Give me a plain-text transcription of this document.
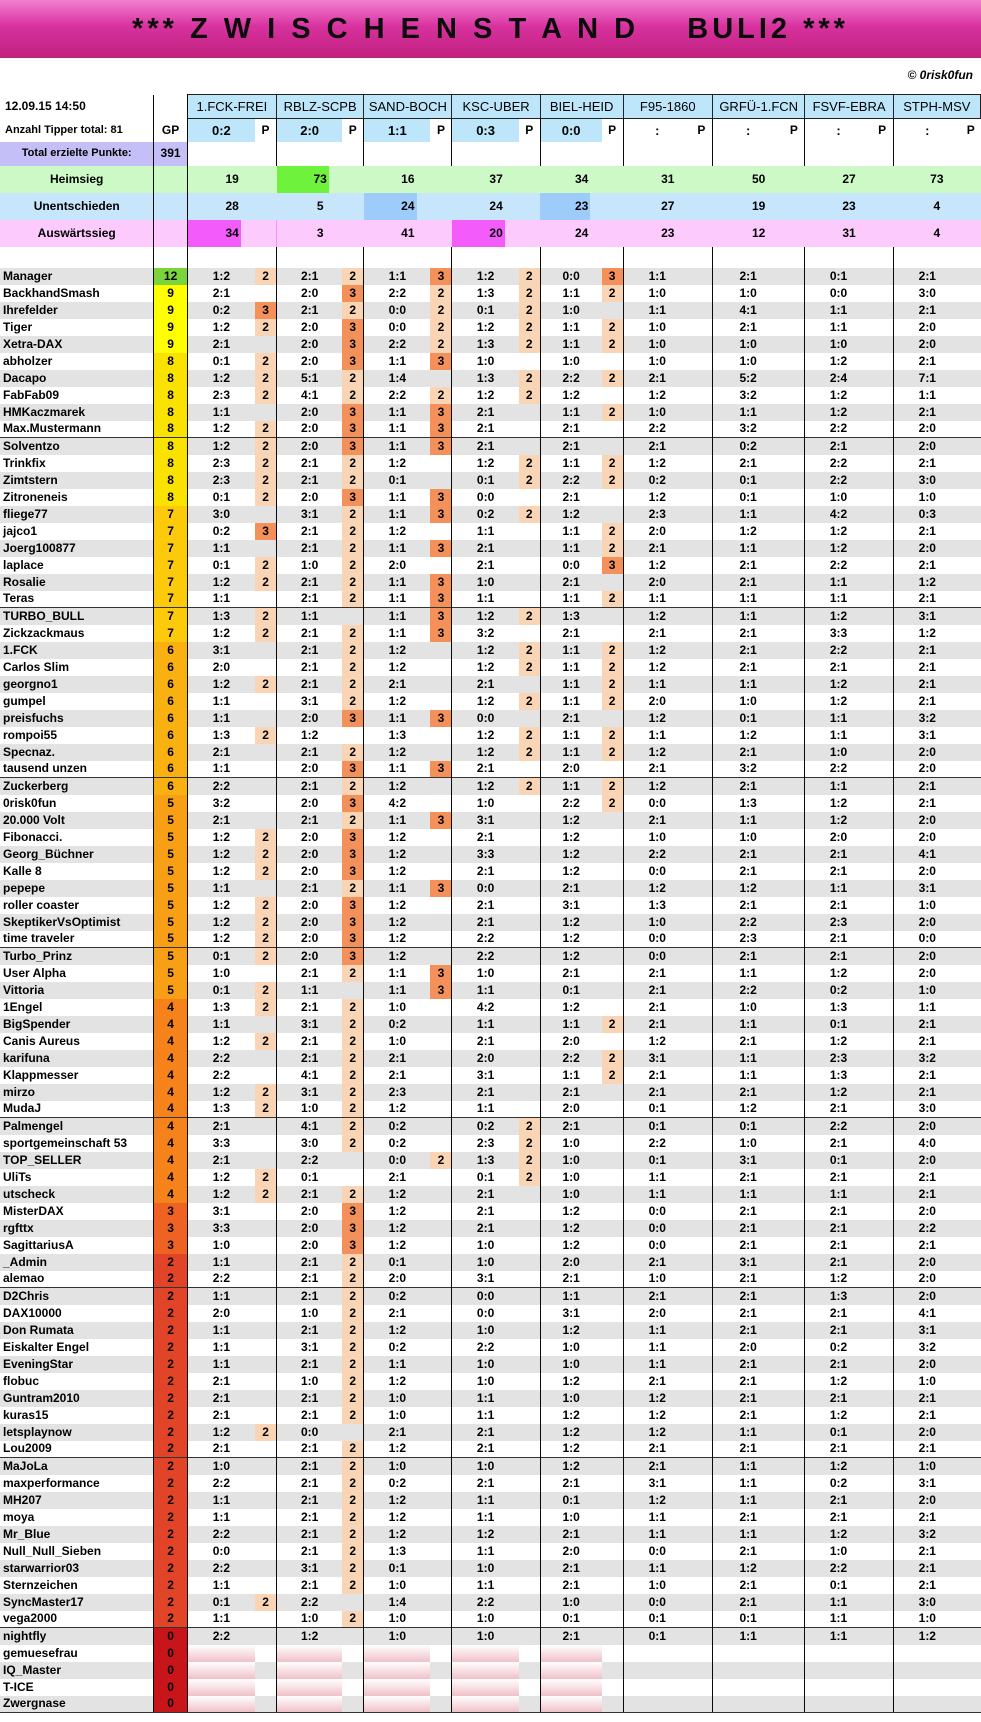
*** Z W I S C H E N S T A N D    BULI2 ***
© 0risk0fun
12.09.15 14:50		1.FCK-FREI		RBLZ-SCPB		SAND-BOCH		KSC-UBER		BIEL-HEID		F95-1860		GRFÜ-1.FCN		FSVF-EBRA		STPH-MSV	
Anzahl Tipper total: 81	GP	0:2	P	2:0	P	1:1	P	0:3	P	0:0	P	:	P	:	P	:	P	:	P
Total erzielte Punkte:	391																		
Heimsieg		19		73		16		37		34		31		50		27		73	
Unentschieden		28		5		24		24		23		27		19		23		4	
Auswärtssieg		34		3		41		20		24		23		12		31		4	

Manager	12	1:2	2	2:1	2	1:1	3	1:2	2	0:0	3	1:1		2:1		0:1		2:1	
BackhandSmash	9	2:1		2:0	3	2:2	2	1:3	2	1:1	2	1:0		1:0		0:0		3:0	
Ihrefelder	9	0:2	3	2:1	2	0:0	2	0:1	2	1:0		1:1		4:1		1:1		2:1	
Tiger	9	1:2	2	2:0	3	0:0	2	1:2	2	1:1	2	1:0		2:1		1:1		2:0	
Xetra-DAX	9	2:1		2:0	3	2:2	2	1:3	2	1:1	2	1:0		1:0		1:0		2:0	
abholzer	8	0:1	2	2:0	3	1:1	3	1:0		1:0		1:0		1:0		1:2		2:1	
Dacapo	8	1:2	2	5:1	2	1:4		1:3	2	2:2	2	2:1		5:2		2:4		7:1	
FabFab09	8	2:3	2	4:1	2	2:2	2	1:2	2	1:2		1:2		3:2		1:2		1:1	
HMKaczmarek	8	1:1		2:0	3	1:1	3	2:1		1:1	2	1:0		1:1		1:2		2:1	
Max.Mustermann	8	1:2	2	2:0	3	1:1	3	2:1		2:1		2:2		3:2		2:2		2:0	
Solventzo	8	1:2	2	2:0	3	1:1	3	2:1		2:1		2:1		0:2		2:1		2:0	
Trinkfix	8	2:3	2	2:1	2	1:2		1:2	2	1:1	2	1:2		2:1		2:2		2:1	
Zimtstern	8	2:3	2	2:1	2	0:1		0:1	2	2:2	2	0:2		0:1		2:2		3:0	
Zitroneneis	8	0:1	2	2:0	3	1:1	3	0:0		2:1		1:2		0:1		1:0		1:0	
fliege77	7	3:0		3:1	2	1:1	3	0:2	2	1:2		2:3		1:1		4:2		0:3	
jajco1	7	0:2	3	2:1	2	1:2		1:1		1:1	2	2:0		1:2		1:2		2:1	
Joerg100877	7	1:1		2:1	2	1:1	3	2:1		1:1	2	2:1		1:1		1:2		2:0	
laplace	7	0:1	2	1:0	2	2:0		2:1		0:0	3	1:2		2:1		2:2		2:1	
Rosalie	7	1:2	2	2:1	2	1:1	3	1:0		2:1		2:0		2:1		1:1		1:2	
Teras	7	1:1		2:1	2	1:1	3	1:1		1:1	2	1:1		1:1		1:1		2:1	
TURBO_BULL	7	1:3	2	1:1		1:1	3	1:2	2	1:3		1:2		1:1		1:2		3:1	
Zickzackmaus	7	1:2	2	2:1	2	1:1	3	3:2		2:1		2:1		2:1		3:3		1:2	
1.FCK	6	3:1		2:1	2	1:2		1:2	2	1:1	2	1:2		2:1		2:2		2:1	
Carlos Slim	6	2:0		2:1	2	1:2		1:2	2	1:1	2	1:2		2:1		2:1		2:1	
georgno1	6	1:2	2	2:1	2	2:1		2:1		1:1	2	1:1		1:1		1:2		2:1	
gumpel	6	1:1		3:1	2	1:2		1:2	2	1:1	2	2:0		1:0		1:2		2:1	
preisfuchs	6	1:1		2:0	3	1:1	3	0:0		2:1		1:2		0:1		1:1		3:2	
rompoi55	6	1:3	2	1:2		1:3		1:2	2	1:1	2	1:1		1:2		1:1		3:1	
Specnaz.	6	2:1		2:1	2	1:2		1:2	2	1:1	2	1:2		2:1		1:0		2:0	
tausend unzen	6	1:1		2:0	3	1:1	3	2:1		2:0		2:1		3:2		2:2		2:0	
Zuckerberg	6	2:2		2:1	2	1:2		1:2	2	1:1	2	1:2		2:1		1:1		2:1	
0risk0fun	5	3:2		2:0	3	4:2		1:0		2:2	2	0:0		1:3		1:2		2:1	
20.000 Volt	5	2:1		2:1	2	1:1	3	3:1		1:2		2:1		1:1		1:2		2:0	
Fibonacci.	5	1:2	2	2:0	3	1:2		2:1		1:2		1:0		1:0		2:0		2:0	
Georg_Büchner	5	1:2	2	2:0	3	1:2		3:3		1:2		2:2		2:1		2:1		4:1	
Kalle 8	5	1:2	2	2:0	3	1:2		2:1		1:2		0:0		2:1		2:1		2:0	
pepepe	5	1:1		2:1	2	1:1	3	0:0		2:1		1:2		1:2		1:1		3:1	
roller coaster	5	1:2	2	2:0	3	1:2		2:1		3:1		1:3		2:1		2:1		1:0	
SkeptikerVsOptimist	5	1:2	2	2:0	3	1:2		2:1		1:2		1:0		2:2		2:3		2:0	
time traveler	5	1:2	2	2:0	3	1:2		2:2		1:2		0:0		2:3		2:1		0:0	
Turbo_Prinz	5	0:1	2	2:0	3	1:2		2:2		1:2		0:0		2:1		2:1		2:0	
User Alpha	5	1:0		2:1	2	1:1	3	1:0		2:1		2:1		1:1		1:2		2:0	
Vittoria	5	0:1	2	1:1		1:1	3	1:1		0:1		2:1		2:2		0:2		1:0	
1Engel	4	1:3	2	2:1	2	1:0		4:2		1:2		2:1		1:0		1:3		1:1	
BigSpender	4	1:1		3:1	2	0:2		1:1		1:1	2	2:1		1:1		0:1		2:1	
Canis Aureus	4	1:2	2	2:1	2	1:0		2:1		2:0		1:2		2:1		1:2		2:1	
karifuna	4	2:2		2:1	2	2:1		2:0		2:2	2	3:1		1:1		2:3		3:2	
Klappmesser	4	2:2		4:1	2	2:1		3:1		1:1	2	2:1		1:1		1:3		2:1	
mirzo	4	1:2	2	3:1	2	2:3		2:1		2:1		2:1		2:1		1:2		2:1	
MudaJ	4	1:3	2	1:0	2	1:2		1:1		2:0		0:1		1:2		2:1		3:0	
Palmengel	4	2:1		4:1	2	0:2		0:2	2	2:1		0:1		0:1		2:2		2:0	
sportgemeinschaft 53	4	3:3		3:0	2	0:2		2:3	2	1:0		2:2		1:0		2:1		4:0	
TOP_SELLER	4	2:1		2:2		0:0	2	1:3	2	1:0		0:1		3:1		0:1		2:0	
UliTs	4	1:2	2	0:1		2:1		0:1	2	1:0		1:1		2:1		2:1		2:1	
utscheck	4	1:2	2	2:1	2	1:2		2:1		1:0		1:1		1:1		1:1		2:1	
MisterDAX	3	3:1		2:0	3	1:2		2:1		1:2		0:0		2:1		2:1		2:0	
rgfttx	3	3:3		2:0	3	1:2		2:1		1:2		0:0		2:1		2:1		2:2	
SagittariusA	3	1:0		2:0	3	1:2		1:0		1:2		0:0		2:1		2:1		2:1	
_Admin	2	1:1		2:1	2	0:1		1:0		2:0		2:1		3:1		2:1		2:0	
alemao	2	2:2		2:1	2	2:0		3:1		2:1		1:0		2:1		1:2		2:0	
D2Chris	2	1:1		2:1	2	0:2		0:0		1:1		2:1		2:1		1:3		2:0	
DAX10000	2	2:0		1:0	2	2:1		0:0		3:1		2:0		2:1		2:1		4:1	
Don Rumata	2	1:1		2:1	2	1:2		1:0		1:2		1:1		2:1		2:1		3:1	
Eiskalter Engel	2	1:1		3:1	2	0:2		2:2		1:0		1:1		2:0		0:2		3:2	
EveningStar	2	1:1		2:1	2	1:1		1:0		1:0		1:1		2:1		2:1		2:0	
flobuc	2	2:1		1:0	2	1:2		1:0		1:2		2:1		2:1		1:2		1:0	
Guntram2010	2	2:1		2:1	2	1:0		1:1		1:0		1:2		2:1		2:1		2:1	
kuras15	2	2:1		2:1	2	1:0		1:1		1:2		1:2		2:1		1:2		2:1	
letsplaynow	2	1:2	2	0:0		2:1		2:1		1:2		1:2		1:1		0:1		2:0	
Lou2009	2	2:1		2:1	2	1:2		2:1		1:2		2:1		2:1		2:1		2:1	
MaJoLa	2	1:0		2:1	2	1:0		1:0		1:2		2:1		1:1		1:2		1:0	
maxperformance	2	2:2		2:1	2	0:2		2:1		2:1		3:1		1:1		0:2		3:1	
MH207	2	1:1		2:1	2	1:2		1:1		0:1		1:2		1:1		2:1		2:0	
moya	2	1:1		2:1	2	1:2		1:1		1:0		1:1		2:1		2:1		2:1	
Mr_Blue	2	2:2		2:1	2	1:2		1:2		2:1		1:1		1:1		1:2		3:2	
Null_Null_Sieben	2	0:0		2:1	2	1:3		1:1		2:0		0:0		2:1		1:0		2:1	
starwarrior03	2	2:2		3:1	2	0:1		1:0		2:1		1:1		1:2		2:2		2:1	
Sternzeichen	2	1:1		2:1	2	1:0		1:1		2:1		1:0		2:1		0:1		2:1	
SyncMaster17	2	0:1	2	2:2		1:4		2:2		1:0		0:0		2:1		1:1		3:0	
vega2000	2	1:1		1:0	2	1:0		1:0		0:1		0:1		0:1		1:1		1:0	
nightfly	0	2:2		1:2		1:0		1:0		2:1		0:1		1:1		1:1		1:2	
gemuesefrau	0																		
IQ_Master	0																		
T-ICE	0																		
Zwergnase	0																		
